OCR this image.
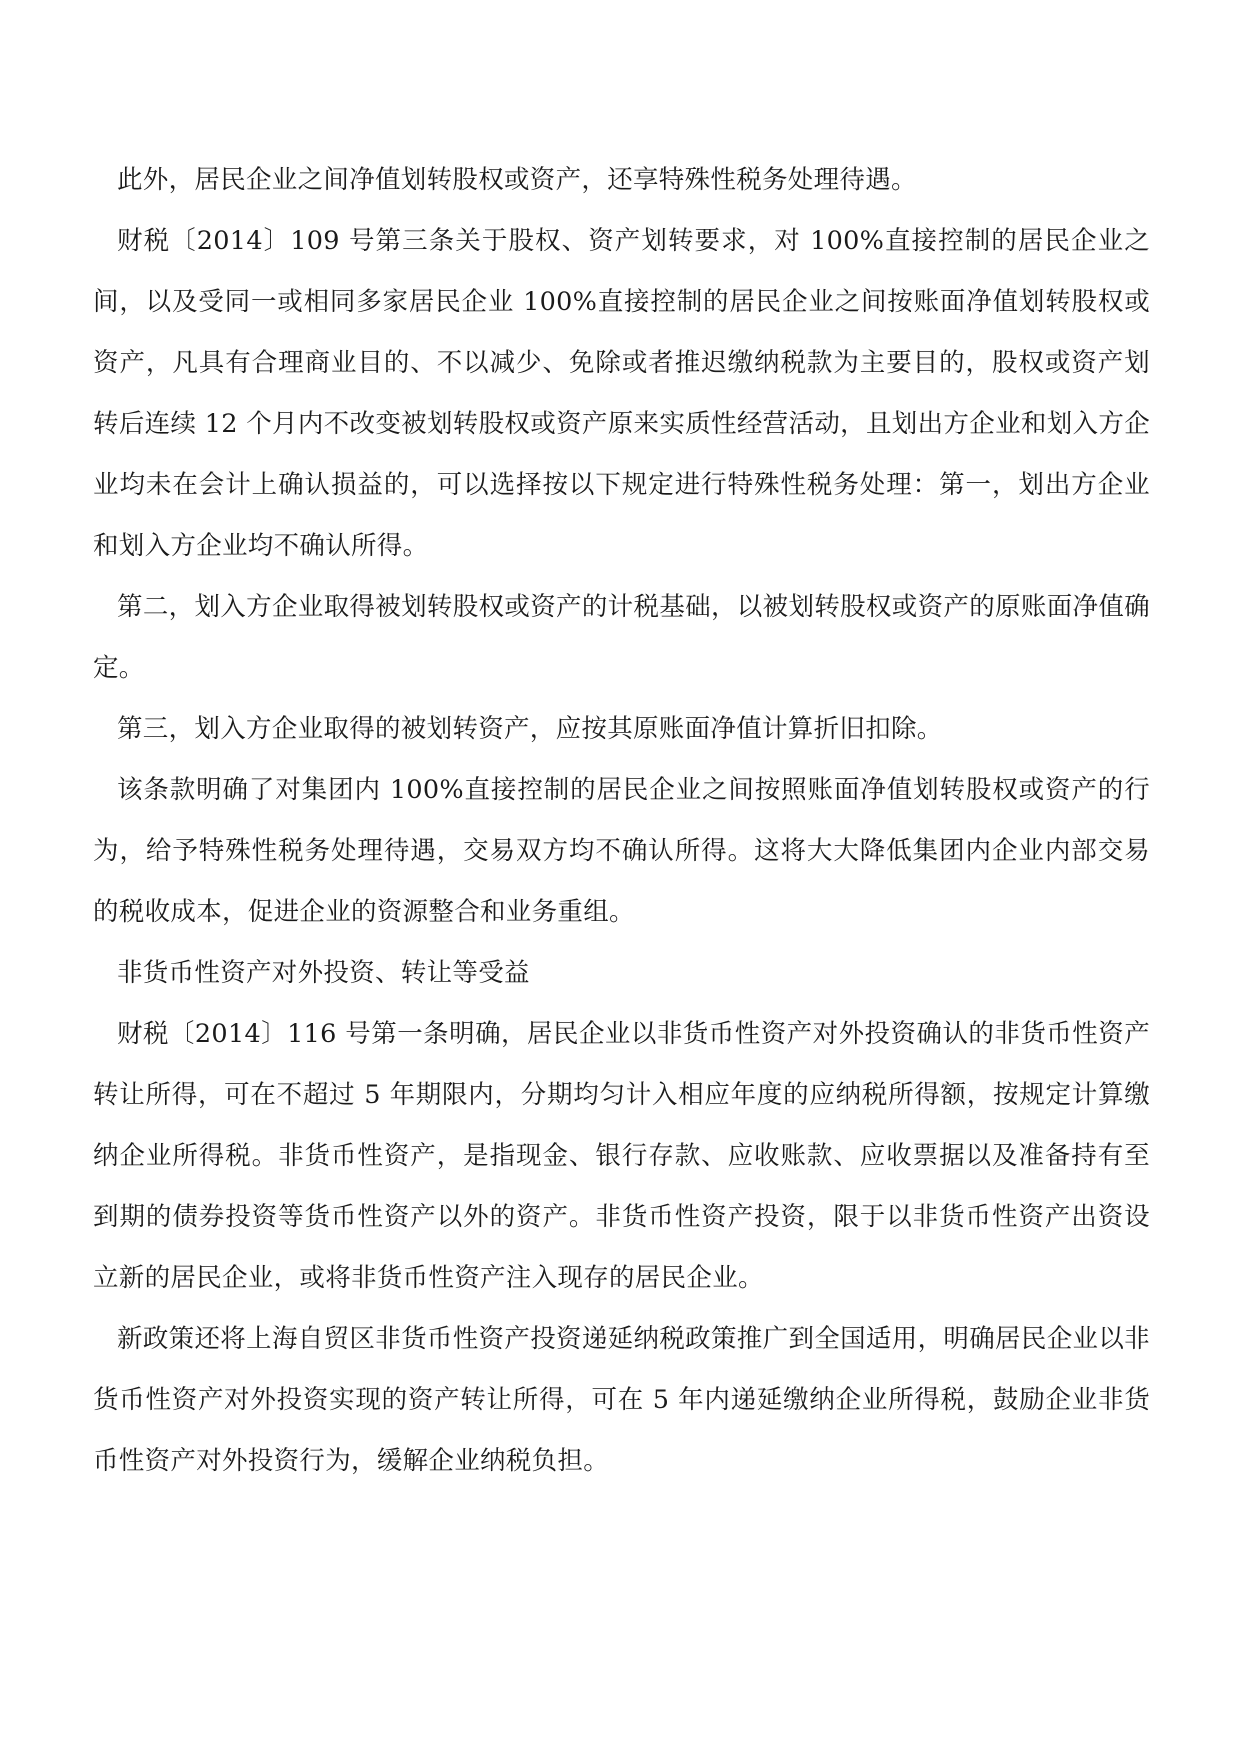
此外，居民企业之间净值划转股权或资产，还享特殊性税务处理待遇。

财税〔2014〕109 号第三条关于股权、资产划转要求，对 100%直接控制的居民企业之间，以及受同一或相同多家居民企业 100%直接控制的居民企业之间按账面净值划转股权或资产，凡具有合理商业目的、不以减少、免除或者推迟缴纳税款为主要目的，股权或资产划转后连续 12 个月内不改变被划转股权或资产原来实质性经营活动，且划出方企业和划入方企业均未在会计上确认损益的，可以选择按以下规定进行特殊性税务处理：第一，划出方企业和划入方企业均不确认所得。

第二，划入方企业取得被划转股权或资产的计税基础，以被划转股权或资产的原账面净值确定。

第三，划入方企业取得的被划转资产，应按其原账面净值计算折旧扣除。

该条款明确了对集团内 100%直接控制的居民企业之间按照账面净值划转股权或资产的行为，给予特殊性税务处理待遇，交易双方均不确认所得。这将大大降低集团内企业内部交易的税收成本，促进企业的资源整合和业务重组。

非货币性资产对外投资、转让等受益

财税〔2014〕116 号第一条明确，居民企业以非货币性资产对外投资确认的非货币性资产转让所得，可在不超过 5 年期限内，分期均匀计入相应年度的应纳税所得额，按规定计算缴纳企业所得税。非货币性资产，是指现金、银行存款、应收账款、应收票据以及准备持有至到期的债券投资等货币性资产以外的资产。非货币性资产投资，限于以非货币性资产出资设立新的居民企业，或将非货币性资产注入现存的居民企业。

新政策还将上海自贸区非货币性资产投资递延纳税政策推广到全国适用，明确居民企业以非货币性资产对外投资实现的资产转让所得，可在 5 年内递延缴纳企业所得税，鼓励企业非货币性资产对外投资行为，缓解企业纳税负担。
